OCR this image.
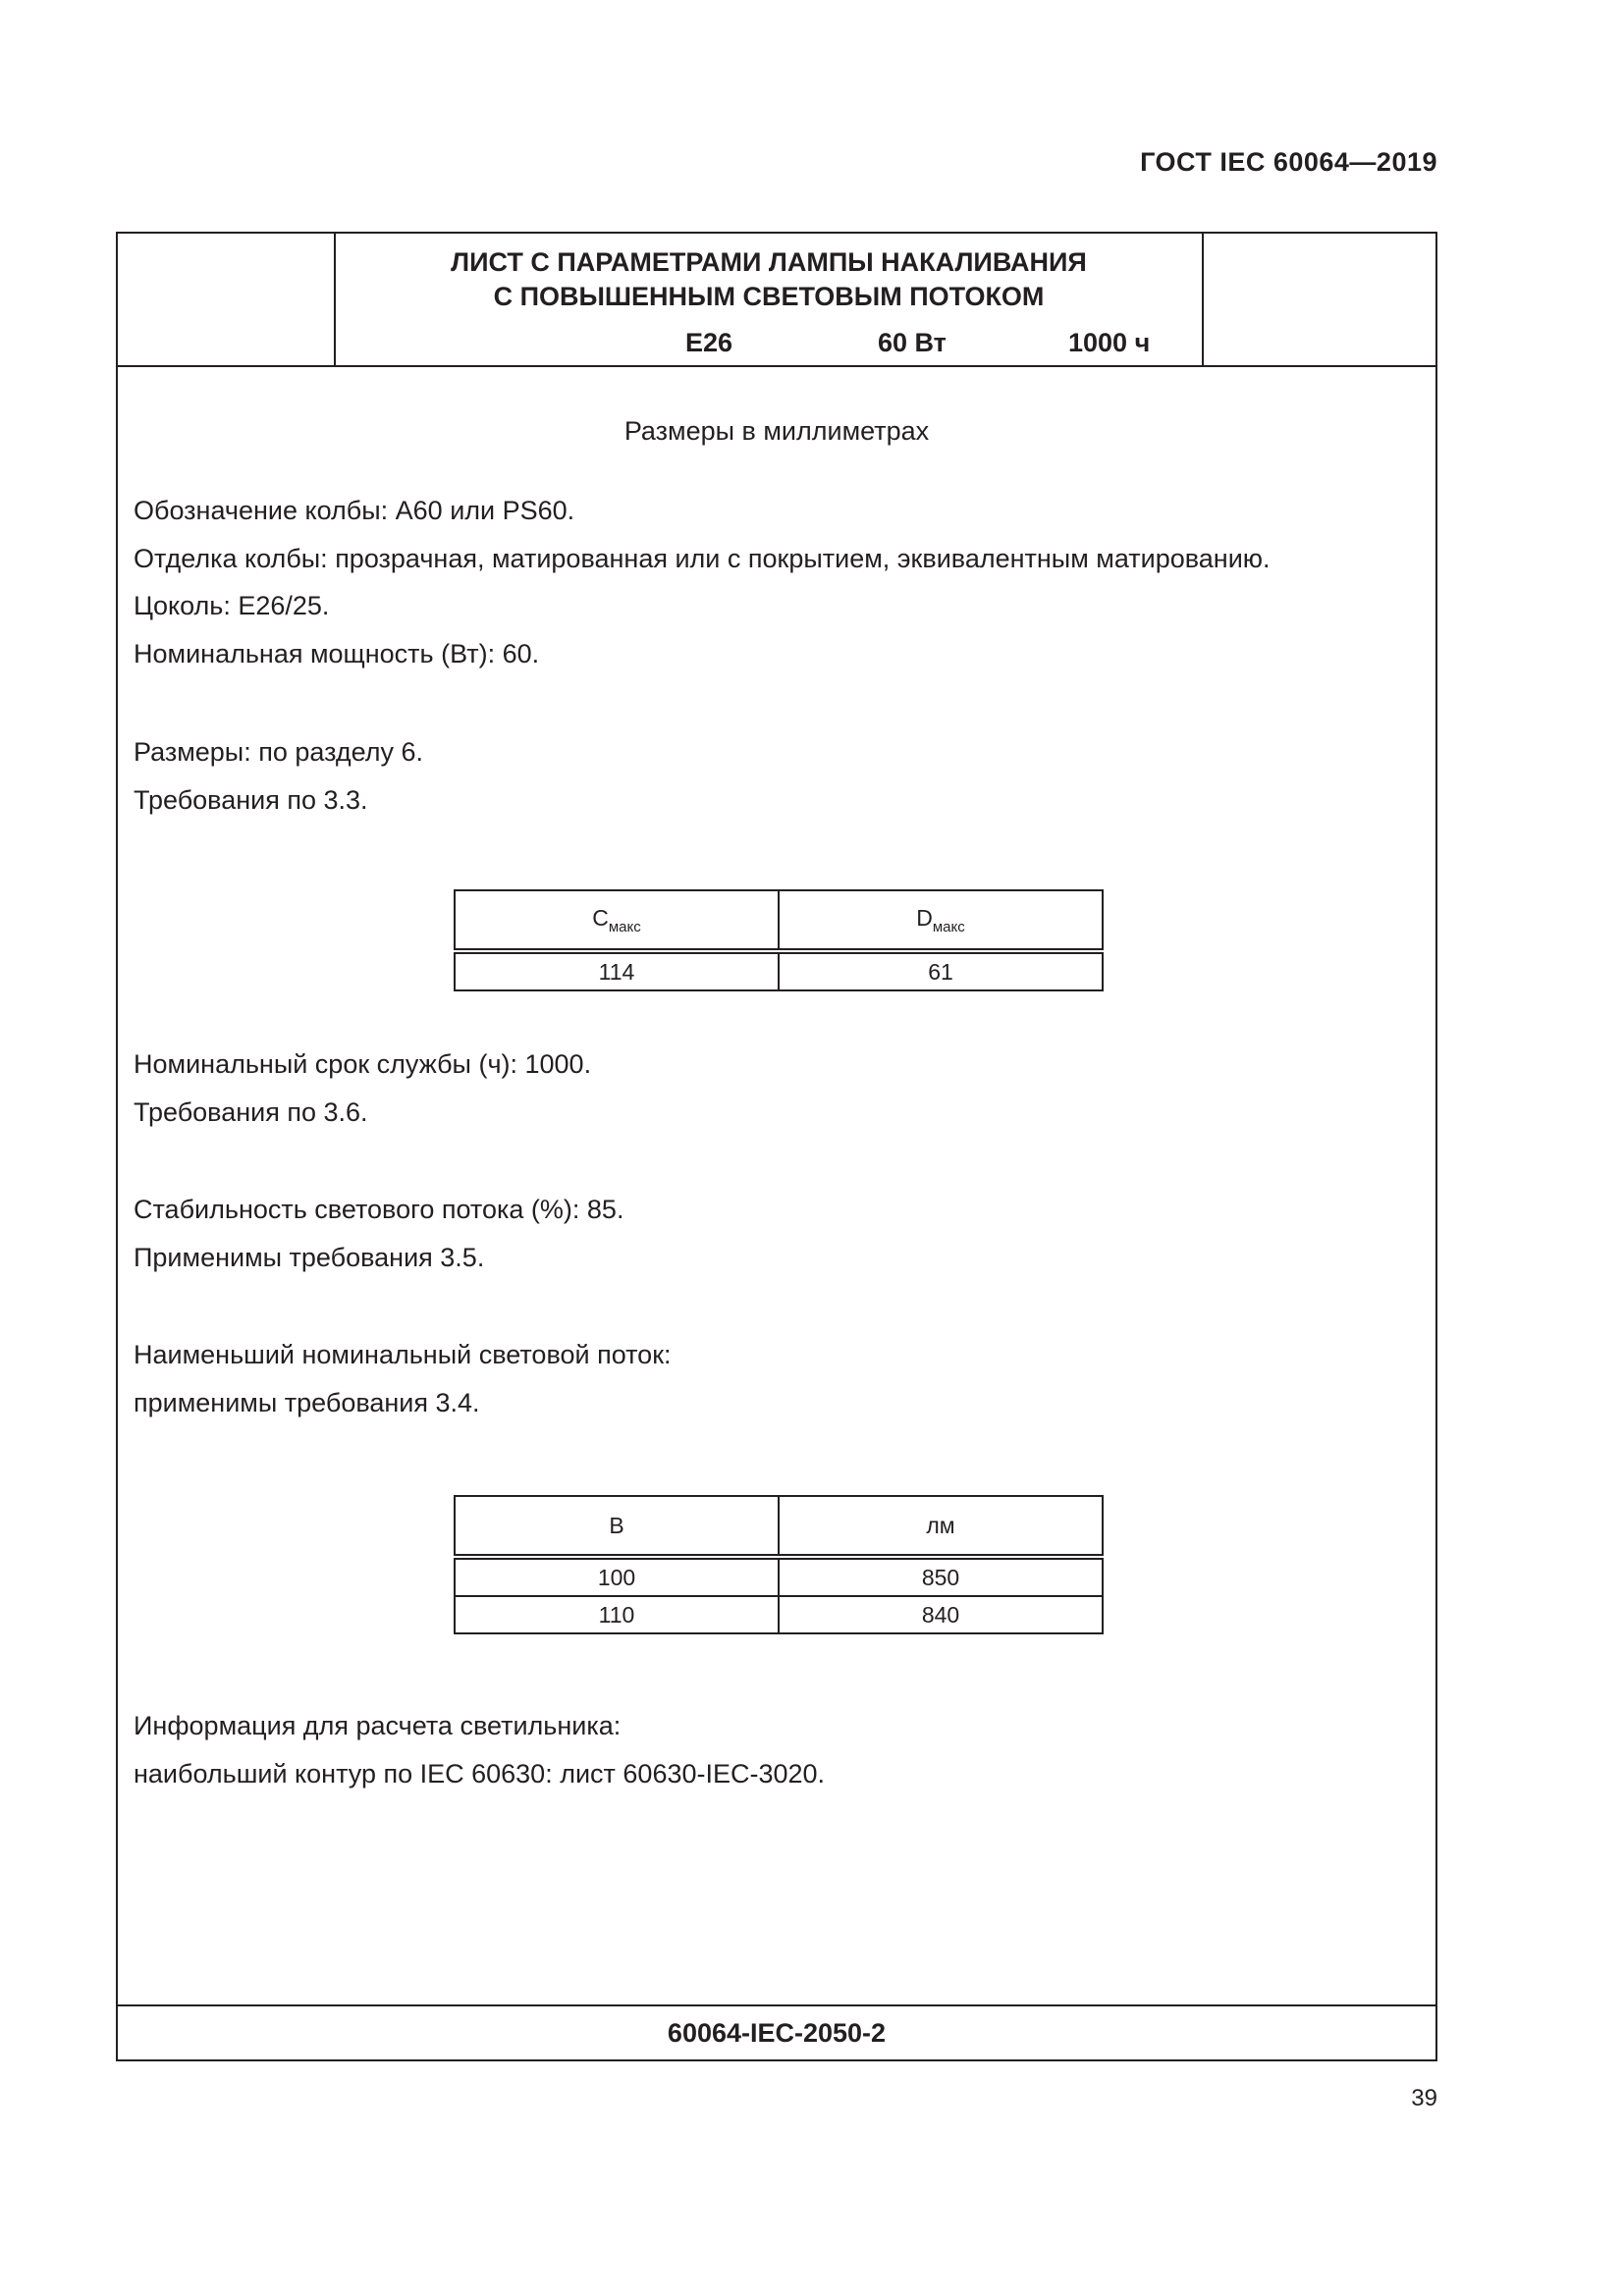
ГОСТ IEC 60064—2019
ЛИСТ С ПАРАМЕТРАМИ ЛАМПЫ НАКАЛИВАНИЯ
С ПОВЫШЕННЫМ СВЕТОВЫМ ПОТОКОМ
E26	60 Вт	1000 ч
Размеры в миллиметрах
Обозначение колбы: A60 или PS60.
Отделка колбы: прозрачная, матированная или с покрытием, эквивалентным матированию.
Цоколь: E26/25.
Номинальная мощность (Вт): 60.
Размеры: по разделу 6.
Требования по 3.3.
$C_{макс}$	$D_{макс}$
114	61
Номинальный срок службы (ч): 1000.
Требования по 3.6.
Стабильность светового потока (%): 85.
Применимы требования 3.5.
Наименьший номинальный световой поток:
применимы требования 3.4.
В	лм
100	850
110	840
Информация для расчета светильника:
наибольший контур по IEC 60630: лист 60630-IEC-3020.
60064-IEC-2050-2
39
